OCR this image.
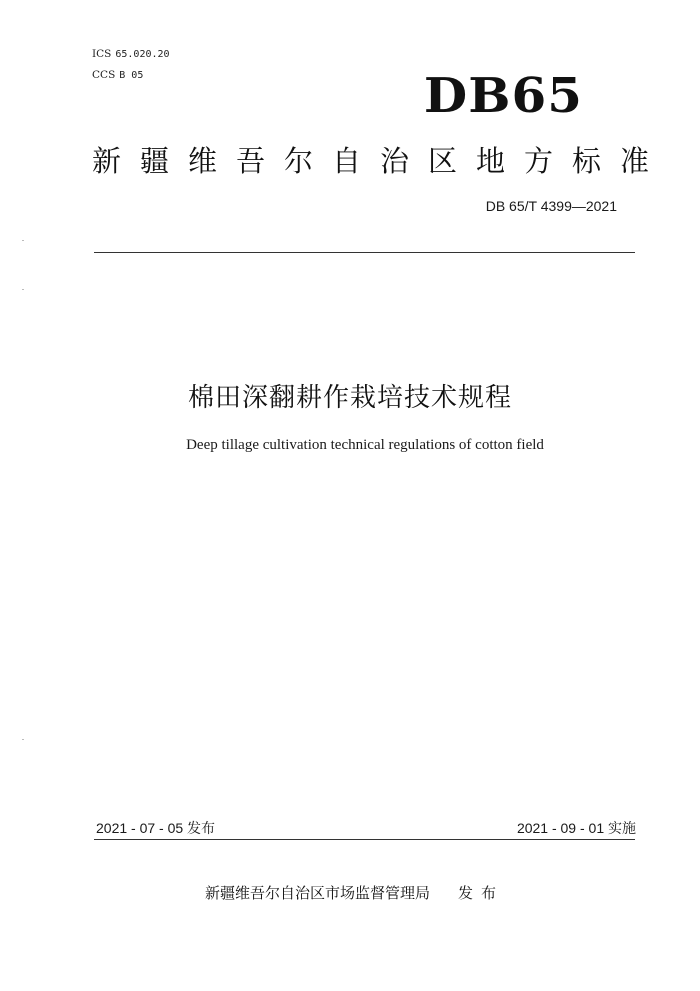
ICS 65.020.20
CCS B 05	DB65
新疆维吾尔自治区地方标准
DB 65/T 4399—2021
棉田深翻耕作栽培技术规程
Deep tillage cultivation technical regulations of cotton field
2021 - 07 - 05 发布	2021 - 09 - 01 实施
新疆维吾尔自治区市场监督管理局 发布
